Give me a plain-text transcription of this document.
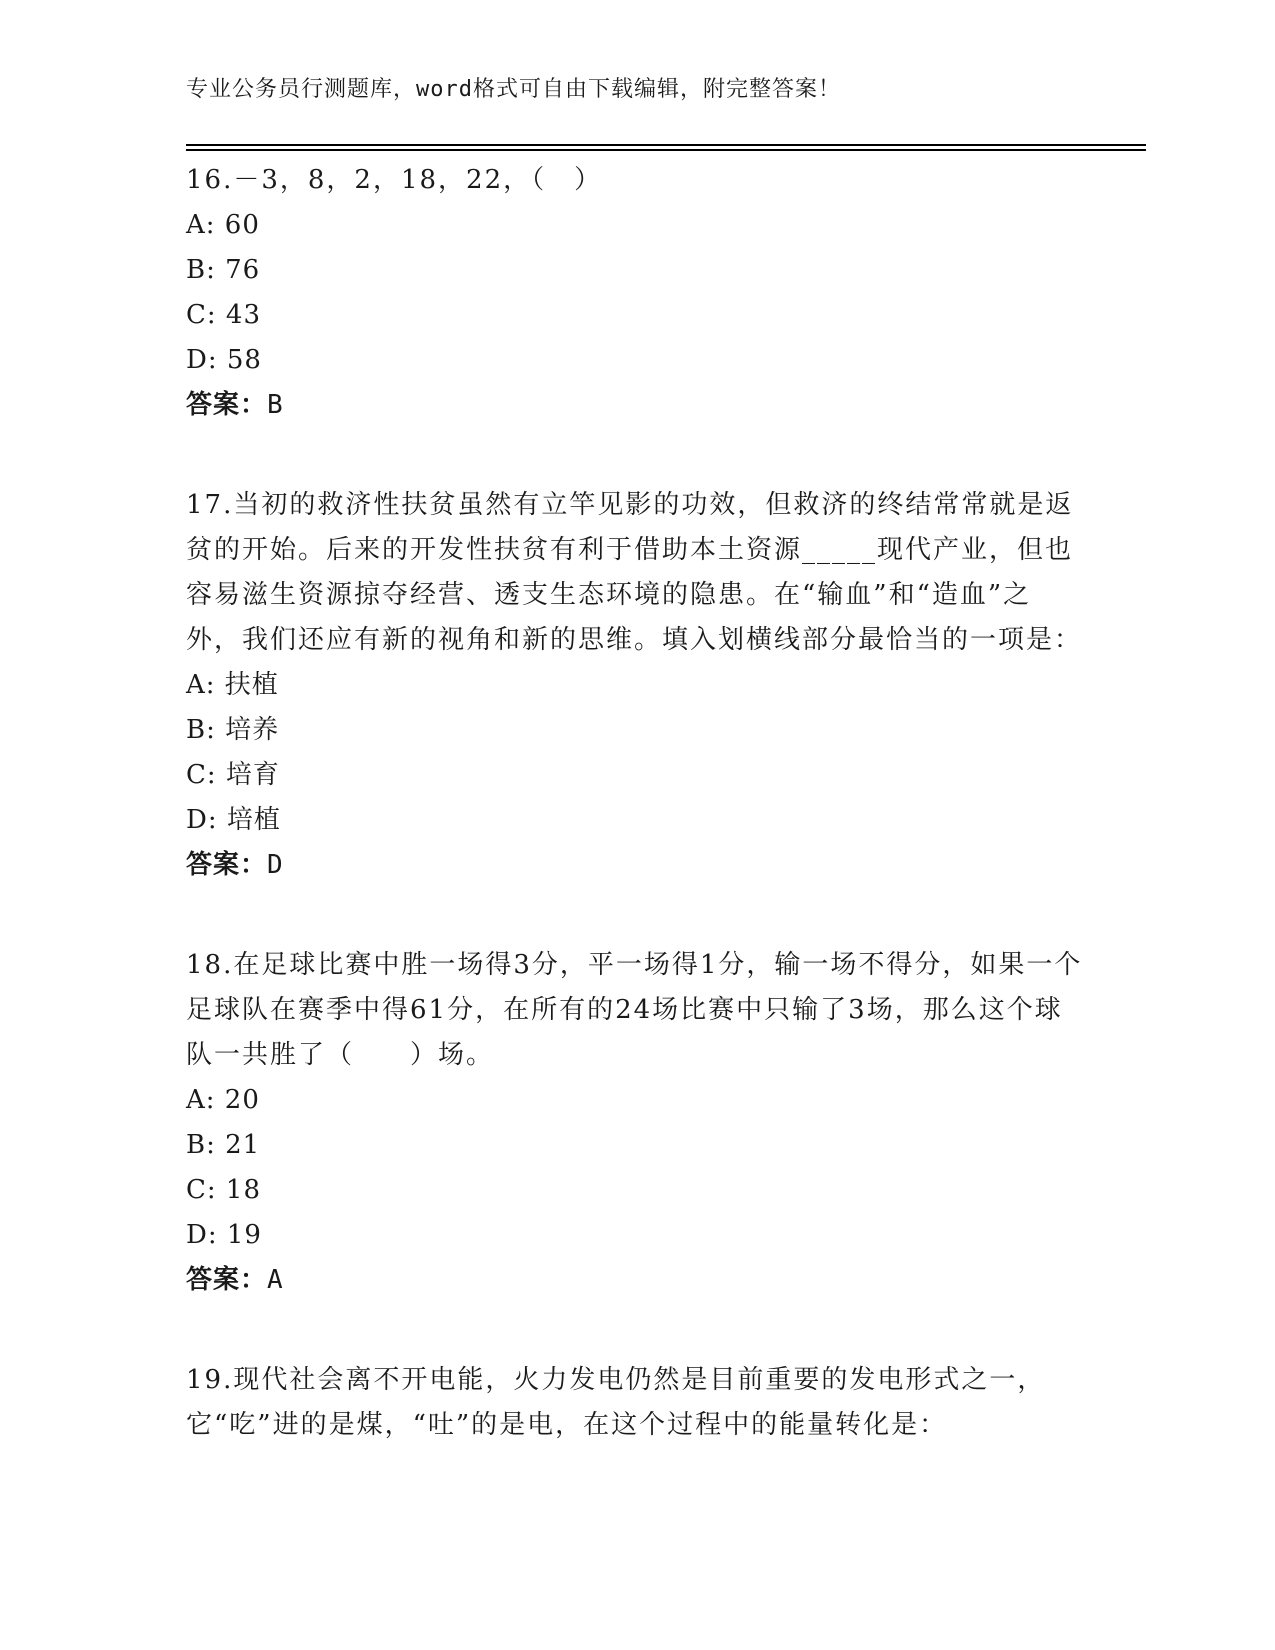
专业公务员行测题库，word格式可自由下载编辑，附完整答案！

16.－3，8，2，18，22，（　）

A: 60

B: 76

C: 43

D: 58

答案：B

17.当初的救济性扶贫虽然有立竿见影的功效，但救济的终结常常就是返贫的开始。后来的开发性扶贫有利于借助本土资源_____现代产业，但也容易滋生资源掠夺经营、透支生态环境的隐患。在“输血”和“造血”之外，我们还应有新的视角和新的思维。填入划横线部分最恰当的一项是：

A: 扶植

B: 培养

C: 培育

D: 培植

答案：D

18.在足球比赛中胜一场得3分，平一场得1分，输一场不得分，如果一个足球队在赛季中得61分，在所有的24场比赛中只输了3场，那么这个球队一共胜了（　　）场。

A: 20

B: 21

C: 18

D: 19

答案：A

19.现代社会离不开电能，火力发电仍然是目前重要的发电形式之一，它“吃”进的是煤，“吐”的是电，在这个过程中的能量转化是：
